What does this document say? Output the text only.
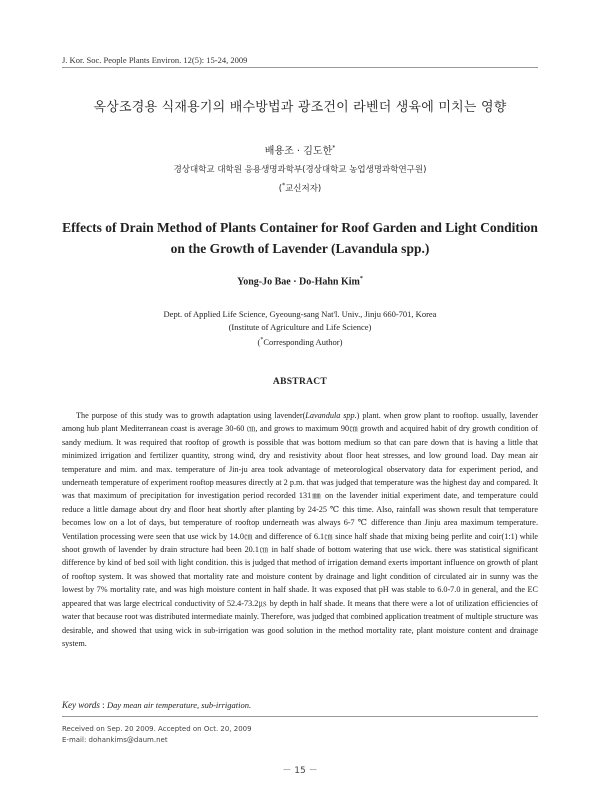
J. Kor. Soc. People Plants Environ. 12(5): 15-24, 2009
옥상조경용 식재용기의 배수방법과 광조건이 라벤더 생육에 미치는 영향
배용조 · 김도한*
경상대학교 대학원 응용생명과학부(경상대학교 농업생명과학연구원)
(*교신저자)
Effects of Drain Method of Plants Container for Roof Garden and Light Condition
on the Growth of Lavender (Lavandula spp.)
Yong-Jo Bae · Do-Hahn Kim*
Dept. of Applied Life Science, Gyeoung-sang Nat'l. Univ., Jinju 660-701, Korea
(Institute of Agriculture and Life Science)
(*Corresponding Author)
ABSTRACT

The purpose of this study was to growth adaptation using lavender(Lavandula spp.) plant. when grow plant to rooftop. usually, lavender among hub plant Mediterranean coast is average 30-60 ㎝, and grows to maximum 90㎝ growth and acquired habit of dry growth condition of sandy medium. It was required that rooftop of growth is possible that was bottom medium so that can pare down that is having a little that minimized irrigation and fertilizer quantity, strong wind, dry and resistivity about floor heat stresses, and low ground load. Day mean air temperature and mim. and max. temperature of Jin-ju area took advantage of meteorological observatory data for experiment period, and underneath temperature of experiment rooftop measures directly at 2 p.m. that was judged that temperature was the highest day and compared. It was that maximum of precipitation for investigation period recorded 131㎜ on the lavender initial experiment date, and temperature could reduce a little damage about dry and floor heat shortly after planting by 24-25 ℃ this time. Also, rainfall was shown result that temperature becomes low on a lot of days, but temperature of rooftop underneath was always 6-7 ℃ difference than Jinju area maximum temperature. Ventilation processing were seen that use wick by 14.0㎝ and difference of 6.1㎝ since half shade that mixing being perlite and coir(1:1) while shoot growth of lavender by drain structure had been 20.1㎝ in half shade of bottom watering that use wick. there was statistical significant difference by kind of bed soil with light condition. this is judged that method of irrigation demand exerts important influence on growth of plant of rooftop system. It was showed that mortality rate and moisture content by drainage and light condition of circulated air in sunny was the lowest by 7% mortality rate, and was high moisture content in half shade. It was exposed that pH was stable to 6.0-7.0 in general, and the EC appeared that was large electrical conductivity of 52.4-73.2㎲ by depth in half shade. It means that there were a lot of utilization efficiencies of water that because root was distributed intermediate mainly. Therefore, was judged that combined application treatment of multiple structure was desirable, and showed that using wick in sub-irrigation was good solution in the method mortality rate, plant moisture content and drainage system.

Key words : Day mean air temperature, sub-irrigation.
Received on Sep. 20 2009. Accepted on Oct. 20, 2009
E-mail: dohankims@daum.net
－ 15 －
